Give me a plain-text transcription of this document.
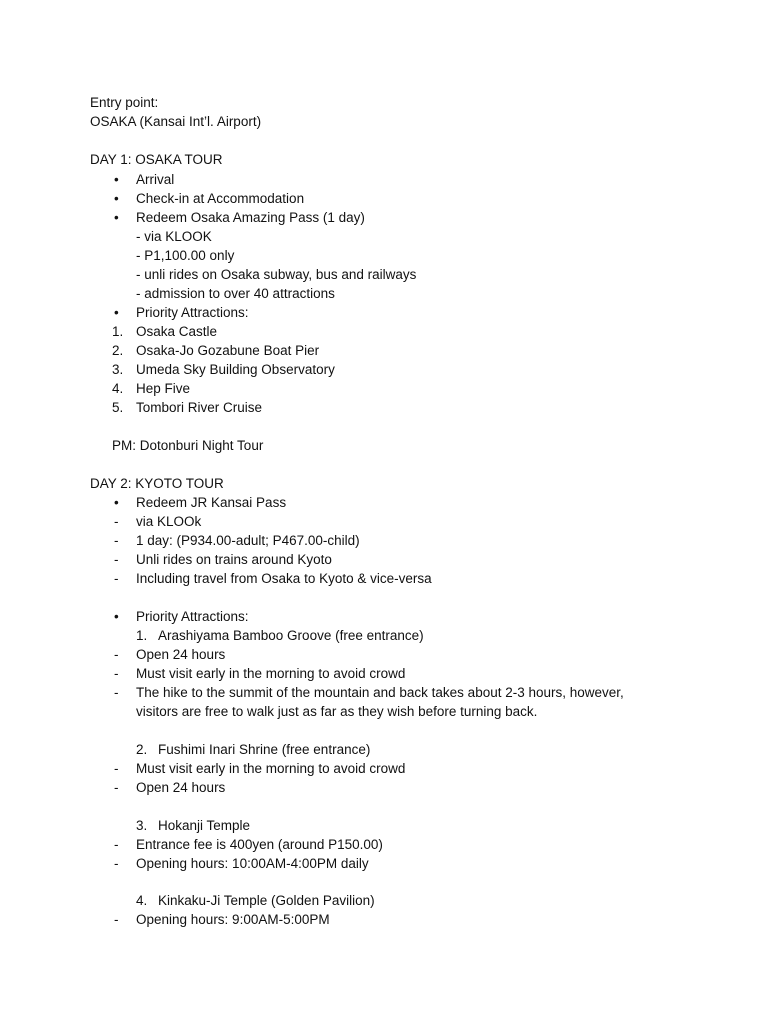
Entry point:
OSAKA (Kansai Int’l. Airport)
DAY 1: OSAKA TOUR
• Arrival
• Check-in at Accommodation
• Redeem Osaka Amazing Pass (1 day)
- via KLOOK
- P1,100.00 only
- unli rides on Osaka subway, bus and railways
- admission to over 40 attractions
• Priority Attractions:
1. Osaka Castle
2. Osaka-Jo Gozabune Boat Pier
3. Umeda Sky Building Observatory
4. Hep Five
5. Tombori River Cruise
PM: Dotonburi Night Tour
DAY 2: KYOTO TOUR
• Redeem JR Kansai Pass
- via KLOOk
- 1 day: (P934.00-adult; P467.00-child)
- Unli rides on trains around Kyoto
- Including travel from Osaka to Kyoto & vice-versa
• Priority Attractions:
1. Arashiyama Bamboo Groove (free entrance)
- Open 24 hours
- Must visit early in the morning to avoid crowd
- The hike to the summit of the mountain and back takes about 2-3 hours, however,
visitors are free to walk just as far as they wish before turning back.
2. Fushimi Inari Shrine (free entrance)
- Must visit early in the morning to avoid crowd
- Open 24 hours
3. Hokanji Temple
- Entrance fee is 400yen (around P150.00)
- Opening hours: 10:00AM-4:00PM daily
4. Kinkaku-Ji Temple (Golden Pavilion)
- Opening hours: 9:00AM-5:00PM
